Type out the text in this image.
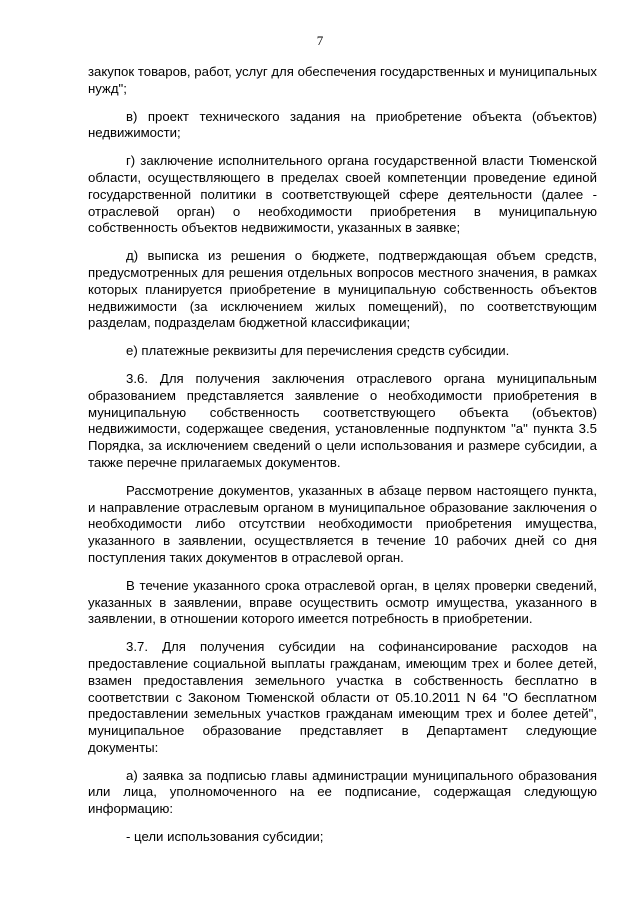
7

закупок товаров, работ, услуг для обеспечения государственных и муниципальных нужд";

в) проект технического задания на приобретение объекта (объектов) недвижимости;

г) заключение исполнительного органа государственной власти Тюменской области, осуществляющего в пределах своей компетенции проведение единой государственной политики в соответствующей сфере деятельности (далее - отраслевой орган) о необходимости приобретения в муниципальную собственность объектов недвижимости, указанных в заявке;

д) выписка из решения о бюджете, подтверждающая объем средств, предусмотренных для решения отдельных вопросов местного значения, в рамках которых планируется приобретение в муниципальную собственность объектов недвижимости (за исключением жилых помещений), по соответствующим разделам, подразделам бюджетной классификации;

е) платежные реквизиты для перечисления средств субсидии.

3.6. Для получения заключения отраслевого органа муниципальным образованием представляется заявление о необходимости приобретения в муниципальную собственность соответствующего объекта (объектов) недвижимости, содержащее сведения, установленные подпунктом "а" пункта 3.5 Порядка, за исключением сведений о цели использования и размере субсидии, а также перечне прилагаемых документов.

Рассмотрение документов, указанных в абзаце первом настоящего пункта, и направление отраслевым органом в муниципальное образование заключения о необходимости либо отсутствии необходимости приобретения имущества, указанного в заявлении, осуществляется в течение 10 рабочих дней со дня поступления таких документов в отраслевой орган.

В течение указанного срока отраслевой орган, в целях проверки сведений, указанных в заявлении, вправе осуществить осмотр имущества, указанного в заявлении, в отношении которого имеется потребность в приобретении.

3.7. Для получения субсидии на софинансирование расходов на предоставление социальной выплаты гражданам, имеющим трех и более детей, взамен предоставления земельного участка в собственность бесплатно в соответствии с Законом Тюменской области от 05.10.2011 N 64 "О бесплатном предоставлении земельных участков гражданам имеющим трех и более детей", муниципальное образование представляет в Департамент следующие документы:

а) заявка за подписью главы администрации муниципального образования или лица, уполномоченного на ее подписание, содержащая следующую информацию:

- цели использования субсидии;
